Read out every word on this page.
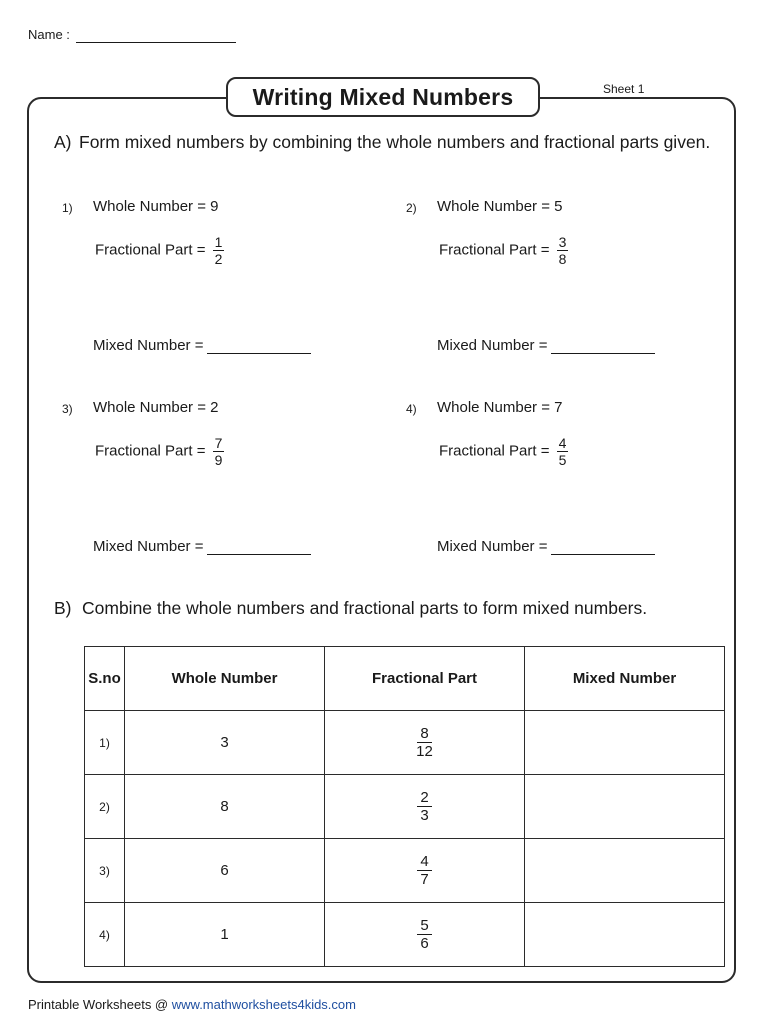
Name :
Writing Mixed Numbers	Sheet 1
A) Form mixed numbers by combining the whole numbers and fractional parts given.
1) Whole Number = 9
Fractional Part = $\frac{1}{2}$
Mixed Number =
2) Whole Number = 5
Fractional Part = $\frac{3}{8}$
Mixed Number =
3) Whole Number = 2
Fractional Part = $\frac{7}{9}$
Mixed Number =
4) Whole Number = 7
Fractional Part = $\frac{4}{5}$
Mixed Number =
B) Combine the whole numbers and fractional parts to form mixed numbers.
S.no	Whole Number	Fractional Part	Mixed Number
1)	3	$\frac{8}{12}$

2)	8	$\frac{2}{3}$

3)	6	$\frac{4}{7}$

4)	1	$\frac{5}{6}$

Printable Worksheets @ www.mathworksheets4kids.com
